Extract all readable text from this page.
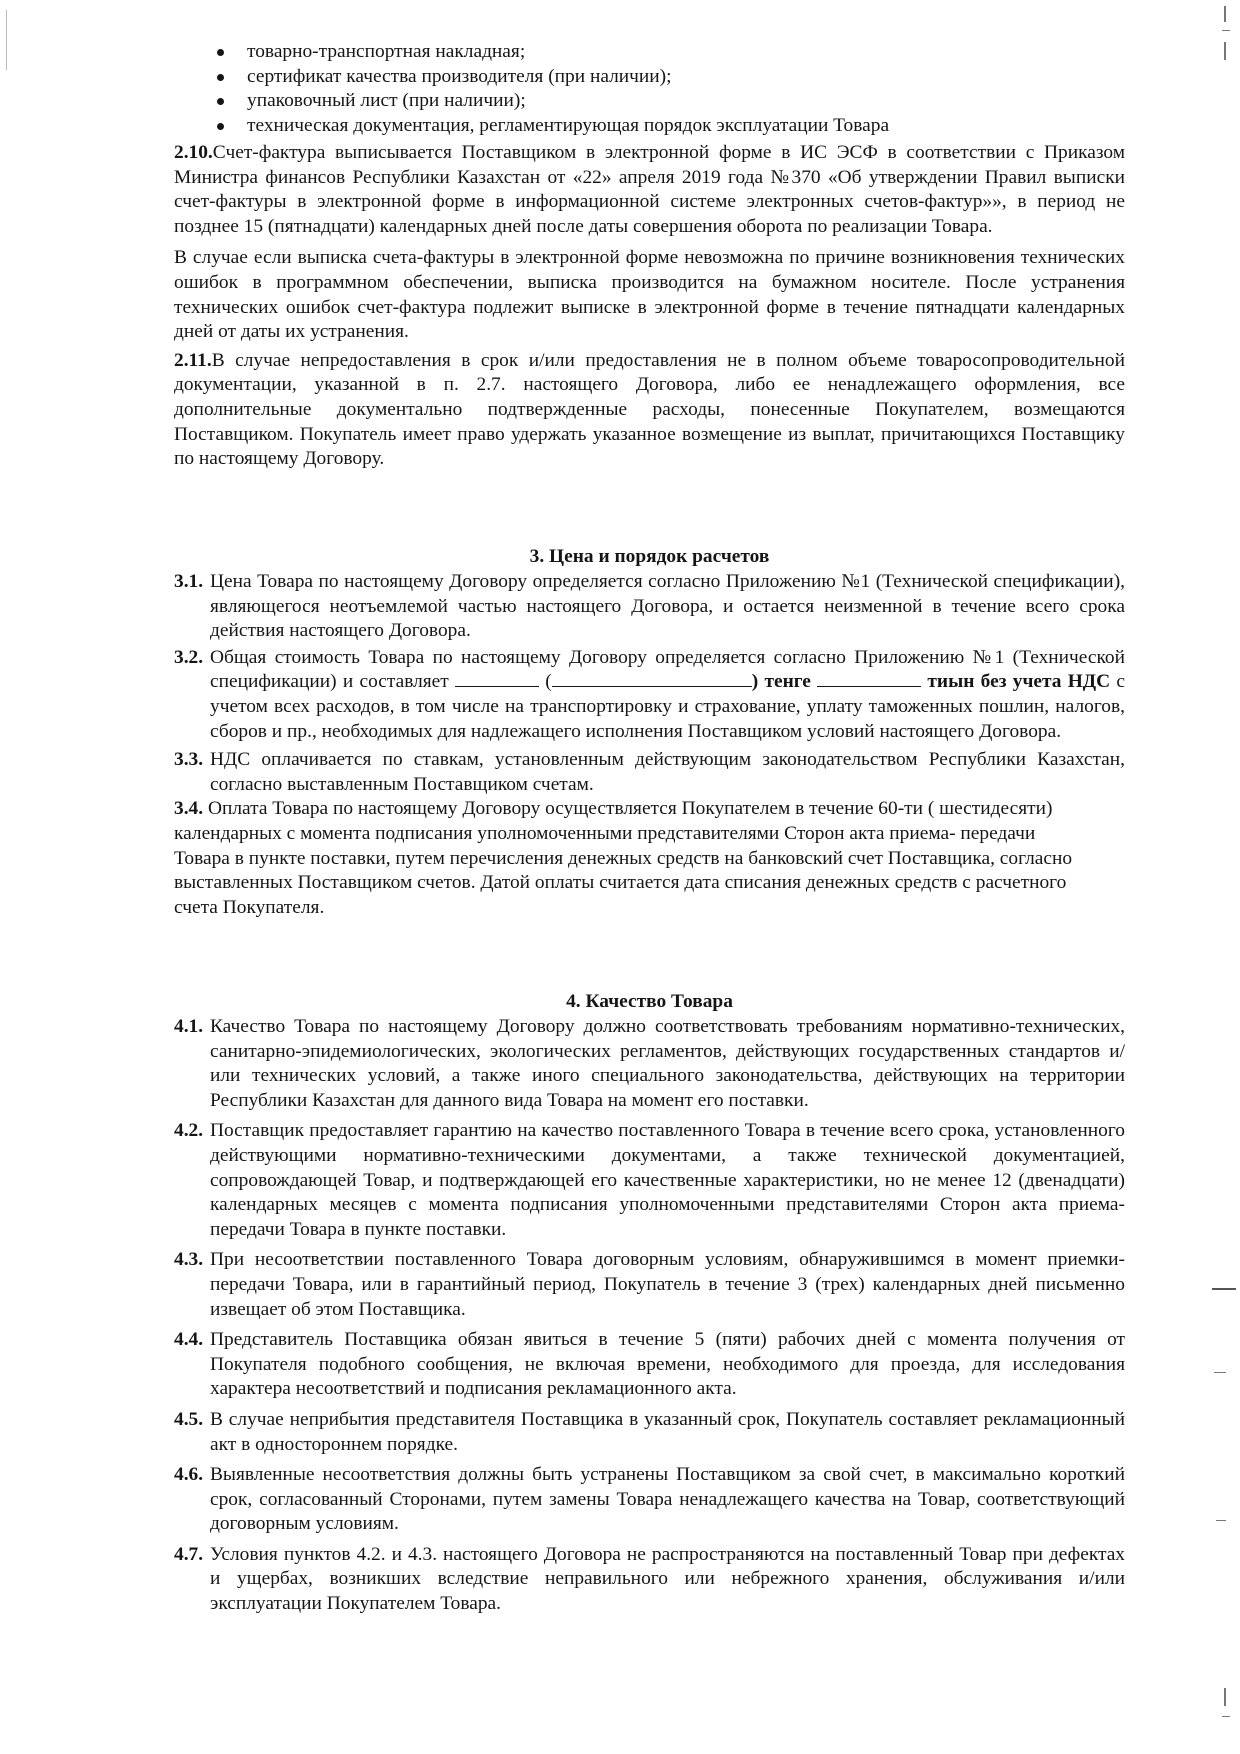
товарно-транспортная накладная;
сертификат качества производителя (при наличии);
упаковочный лист (при наличии);
техническая документация, регламентирующая порядок эксплуатации Товара

2.10.Счет-фактура выписывается Поставщиком в электронной форме в ИС ЭСФ в соответствии с Приказом Министра финансов Республики Казахстан от «22» апреля 2019 года №370 «Об утверждении Правил выписки счет-фактуры в электронной форме в информационной системе электронных счетов-фактур»», в период не позднее 15 (пятнадцати) календарных дней после даты совершения оборота по реализации Товара.

В случае если выписка счета-фактуры в электронной форме невозможна по причине возникновения технических ошибок в программном обеспечении, выписка производится на бумажном носителе. После устранения технических ошибок счет-фактура подлежит выписке в электронной форме в течение пятнадцати календарных дней от даты их устранения.

2.11.В случае непредоставления в срок и/или предоставления не в полном объеме товаросопроводительной документации, указанной в п. 2.7. настоящего Договора, либо ее ненадлежащего оформления, все дополнительные документально подтвержденные расходы, понесенные Покупателем, возмещаются Поставщиком. Покупатель имеет право удержать указанное возмещение из выплат, причитающихся Поставщику по настоящему Договору.

3. Цена и порядок расчетов

3.1. Цена Товара по настоящему Договору определяется согласно Приложению №1 (Технической спецификации), являющегося неотъемлемой частью настоящего Договора, и остается неизменной в течение всего срока действия настоящего Договора.

3.2. Общая стоимость Товара по настоящему Договору определяется согласно Приложению №1 (Технической спецификации) и составляет	(	) тенге	тиын без учета НДС с учетом всех расходов, в том числе на транспортировку и страхование, уплату таможенных пошлин, налогов, сборов и пр., необходимых для надлежащего исполнения Поставщиком условий настоящего Договора.

3.3. НДС оплачивается по ставкам, установленным действующим законодательством Республики Казахстан, согласно выставленным Поставщиком счетам.

3.4. Оплата Товара по настоящему Договору осуществляется Покупателем в течение 60-ти ( шестидесяти) календарных с момента подписания уполномоченными представителями Сторон акта приема- передачи Товара в пункте поставки, путем перечисления денежных средств на банковский счет Поставщика, согласно выставленных Поставщиком счетов. Датой оплаты считается дата списания денежных средств с расчетного счета Покупателя.

4. Качество Товара

4.1. Качество Товара по настоящему Договору должно соответствовать требованиям нормативно-технических, санитарно-эпидемиологических, экологических регламентов, действующих государственных стандартов и/или технических условий, а также иного специального законодательства, действующих на территории Республики Казахстан для данного вида Товара на момент его поставки.

4.2. Поставщик предоставляет гарантию на качество поставленного Товара в течение всего срока, установленного действующими нормативно-техническими документами, а также технической документацией, сопровождающей Товар, и подтверждающей его качественные характеристики, но не менее 12 (двенадцати) календарных месяцев с момента подписания уполномоченными представителями Сторон акта приема-передачи Товара в пункте поставки.

4.3. При несоответствии поставленного Товара договорным условиям, обнаружившимся в момент приемки-передачи Товара, или в гарантийный период, Покупатель в течение 3 (трех) календарных дней письменно извещает об этом Поставщика.

4.4. Представитель Поставщика обязан явиться в течение 5 (пяти) рабочих дней с момента получения от Покупателя подобного сообщения, не включая времени, необходимого для проезда, для исследования характера несоответствий и подписания рекламационного акта.

4.5. В случае неприбытия представителя Поставщика в указанный срок, Покупатель составляет рекламационный акт в одностороннем порядке.

4.6. Выявленные несоответствия должны быть устранены Поставщиком за свой счет, в максимально короткий срок, согласованный Сторонами, путем замены Товара ненадлежащего качества на Товар, соответствующий договорным условиям.

4.7. Условия пунктов 4.2. и 4.3. настоящего Договора не распространяются на поставленный Товар при дефектах и ущербах, возникших вследствие неправильного или небрежного хранения, обслуживания и/или эксплуатации Покупателем Товара.
